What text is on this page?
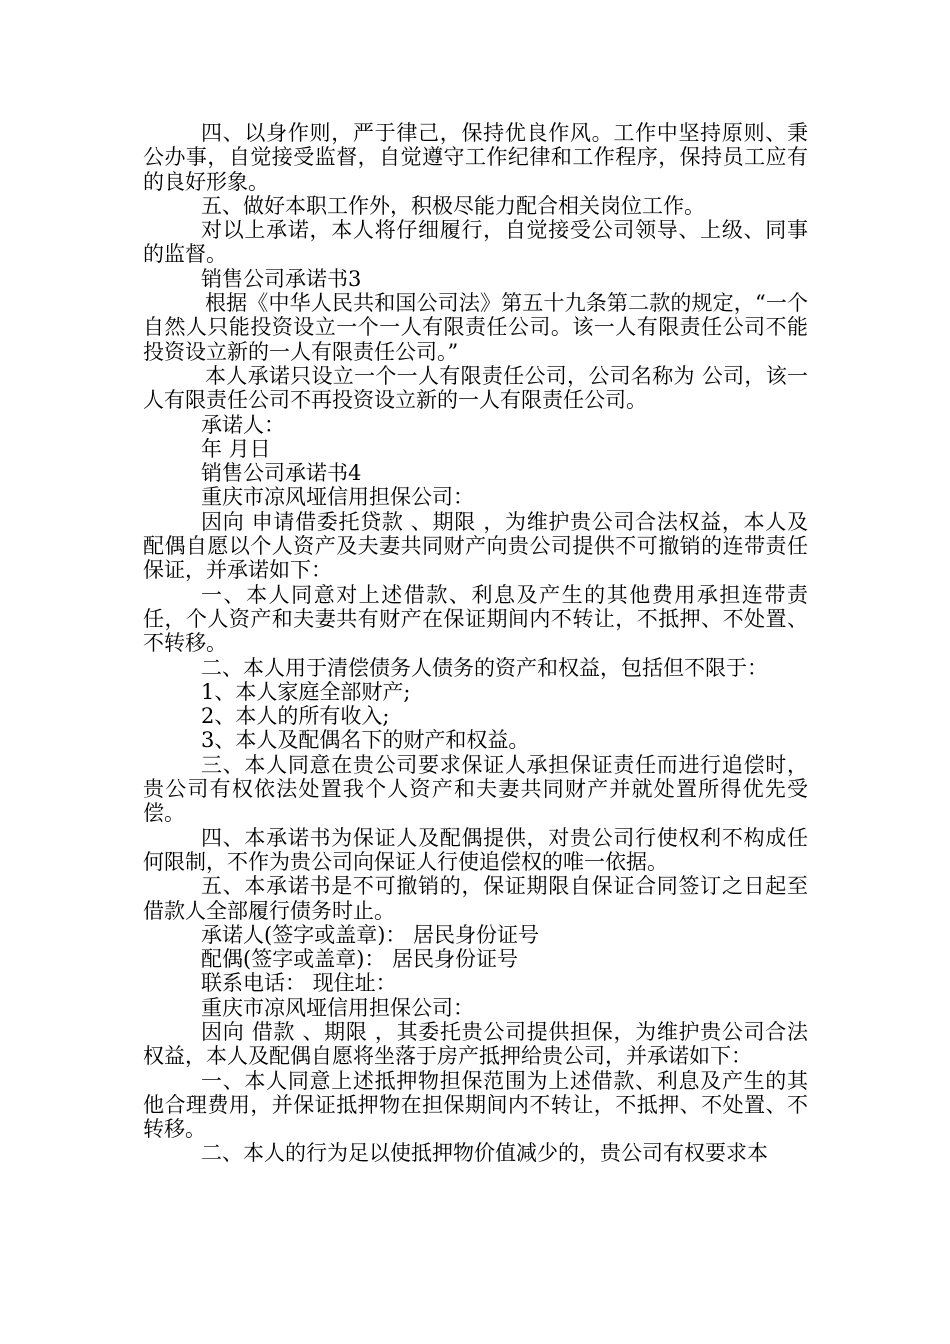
四、以身作则，严于律己，保持优良作风。工作中坚持原则、秉公办事，自觉接受监督，自觉遵守工作纪律和工作程序，保持员工应有的良好形象。

五、做好本职工作外，积极尽能力配合相关岗位工作。

对以上承诺，本人将仔细履行，自觉接受公司领导、上级、同事的监督。

销售公司承诺书3

根据《中华人民共和国公司法》第五十九条第二款的规定，“一个自然人只能投资设立一个一人有限责任公司。该一人有限责任公司不能投资设立新的一人有限责任公司。”

本人承诺只设立一个一人有限责任公司，公司名称为 公司，该一人有限责任公司不再投资设立新的一人有限责任公司。

承诺人：

年 月日

销售公司承诺书4

重庆市凉风垭信用担保公司：

因向 申请借委托贷款 、期限 ，为维护贵公司合法权益，本人及配偶自愿以个人资产及夫妻共同财产向贵公司提供不可撤销的连带责任保证，并承诺如下：

一、本人同意对上述借款、利息及产生的其他费用承担连带责任，个人资产和夫妻共有财产在保证期间内不转让，不抵押、不处置、不转移。

二、本人用于清偿债务人债务的资产和权益，包括但不限于：

1、本人家庭全部财产;

2、本人的所有收入;

3、本人及配偶名下的财产和权益。

三、本人同意在贵公司要求保证人承担保证责任而进行追偿时，贵公司有权依法处置我个人资产和夫妻共同财产并就处置所得优先受偿。

四、本承诺书为保证人及配偶提供，对贵公司行使权利不构成任何限制，不作为贵公司向保证人行使追偿权的唯一依据。

五、本承诺书是不可撤销的，保证期限自保证合同签订之日起至借款人全部履行债务时止。

承诺人(签字或盖章)： 居民身份证号

配偶(签字或盖章)： 居民身份证号

联系电话： 现住址：

重庆市凉风垭信用担保公司：

因向 借款 、期限 ，其委托贵公司提供担保，为维护贵公司合法权益，本人及配偶自愿将坐落于房产抵押给贵公司，并承诺如下：

一、本人同意上述抵押物担保范围为上述借款、利息及产生的其他合理费用，并保证抵押物在担保期间内不转让，不抵押、不处置、不转移。

二、本人的行为足以使抵押物价值减少的，贵公司有权要求本
